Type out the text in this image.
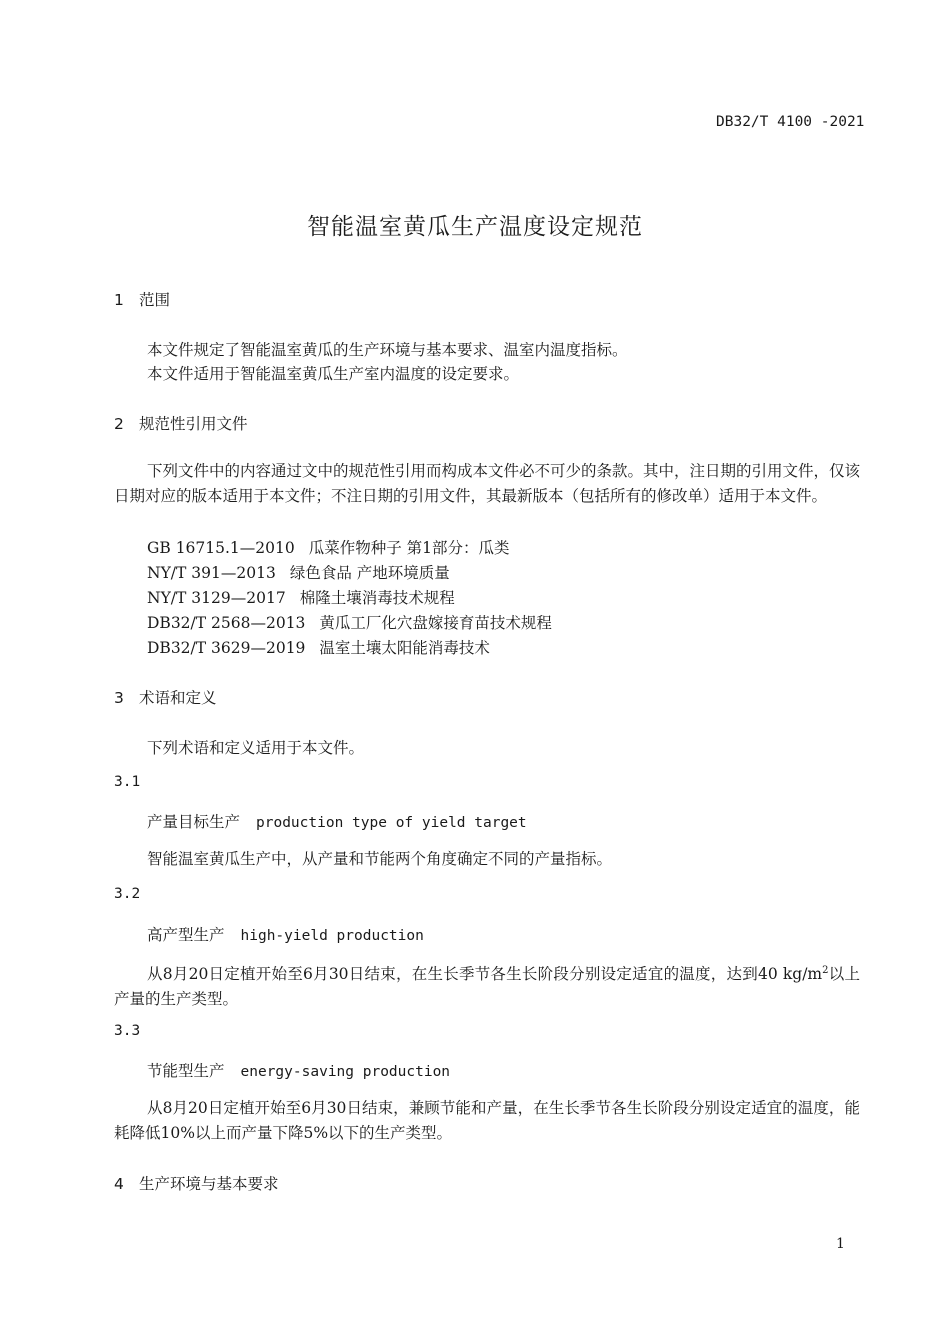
DB32/T 4100 -2021
智能温室黄瓜生产温度设定规范
1 范围
本文件规定了智能温室黄瓜的生产环境与基本要求、温室内温度指标。
本文件适用于智能温室黄瓜生产室内温度的设定要求。
2 规范性引用文件
下列文件中的内容通过文中的规范性引用而构成本文件必不可少的条款。其中，注日期的引用文件，仅该日期对应的版本适用于本文件；不注日期的引用文件，其最新版本（包括所有的修改单）适用于本文件。
GB 16715.1—2010 瓜菜作物种子 第1部分：瓜类
NY/T 391—2013 绿色食品 产地环境质量
NY/T 3129—2017 棉隆土壤消毒技术规程
DB32/T 2568—2013 黄瓜工厂化穴盘嫁接育苗技术规程
DB32/T 3629—2019 温室土壤太阳能消毒技术
3 术语和定义
下列术语和定义适用于本文件。
3.1
产量目标生产 production type of yield target
智能温室黄瓜生产中，从产量和节能两个角度确定不同的产量指标。
3.2
高产型生产 high-yield production
从8月20日定植开始至6月30日结束，在生长季节各生长阶段分别设定适宜的温度，达到40 $kg/m^2$以上产量的生产类型。
3.3
节能型生产 energy-saving production
从8月20日定植开始至6月30日结束，兼顾节能和产量，在生长季节各生长阶段分别设定适宜的温度，能耗降低10%以上而产量下降5%以下的生产类型。
4 生产环境与基本要求
1
